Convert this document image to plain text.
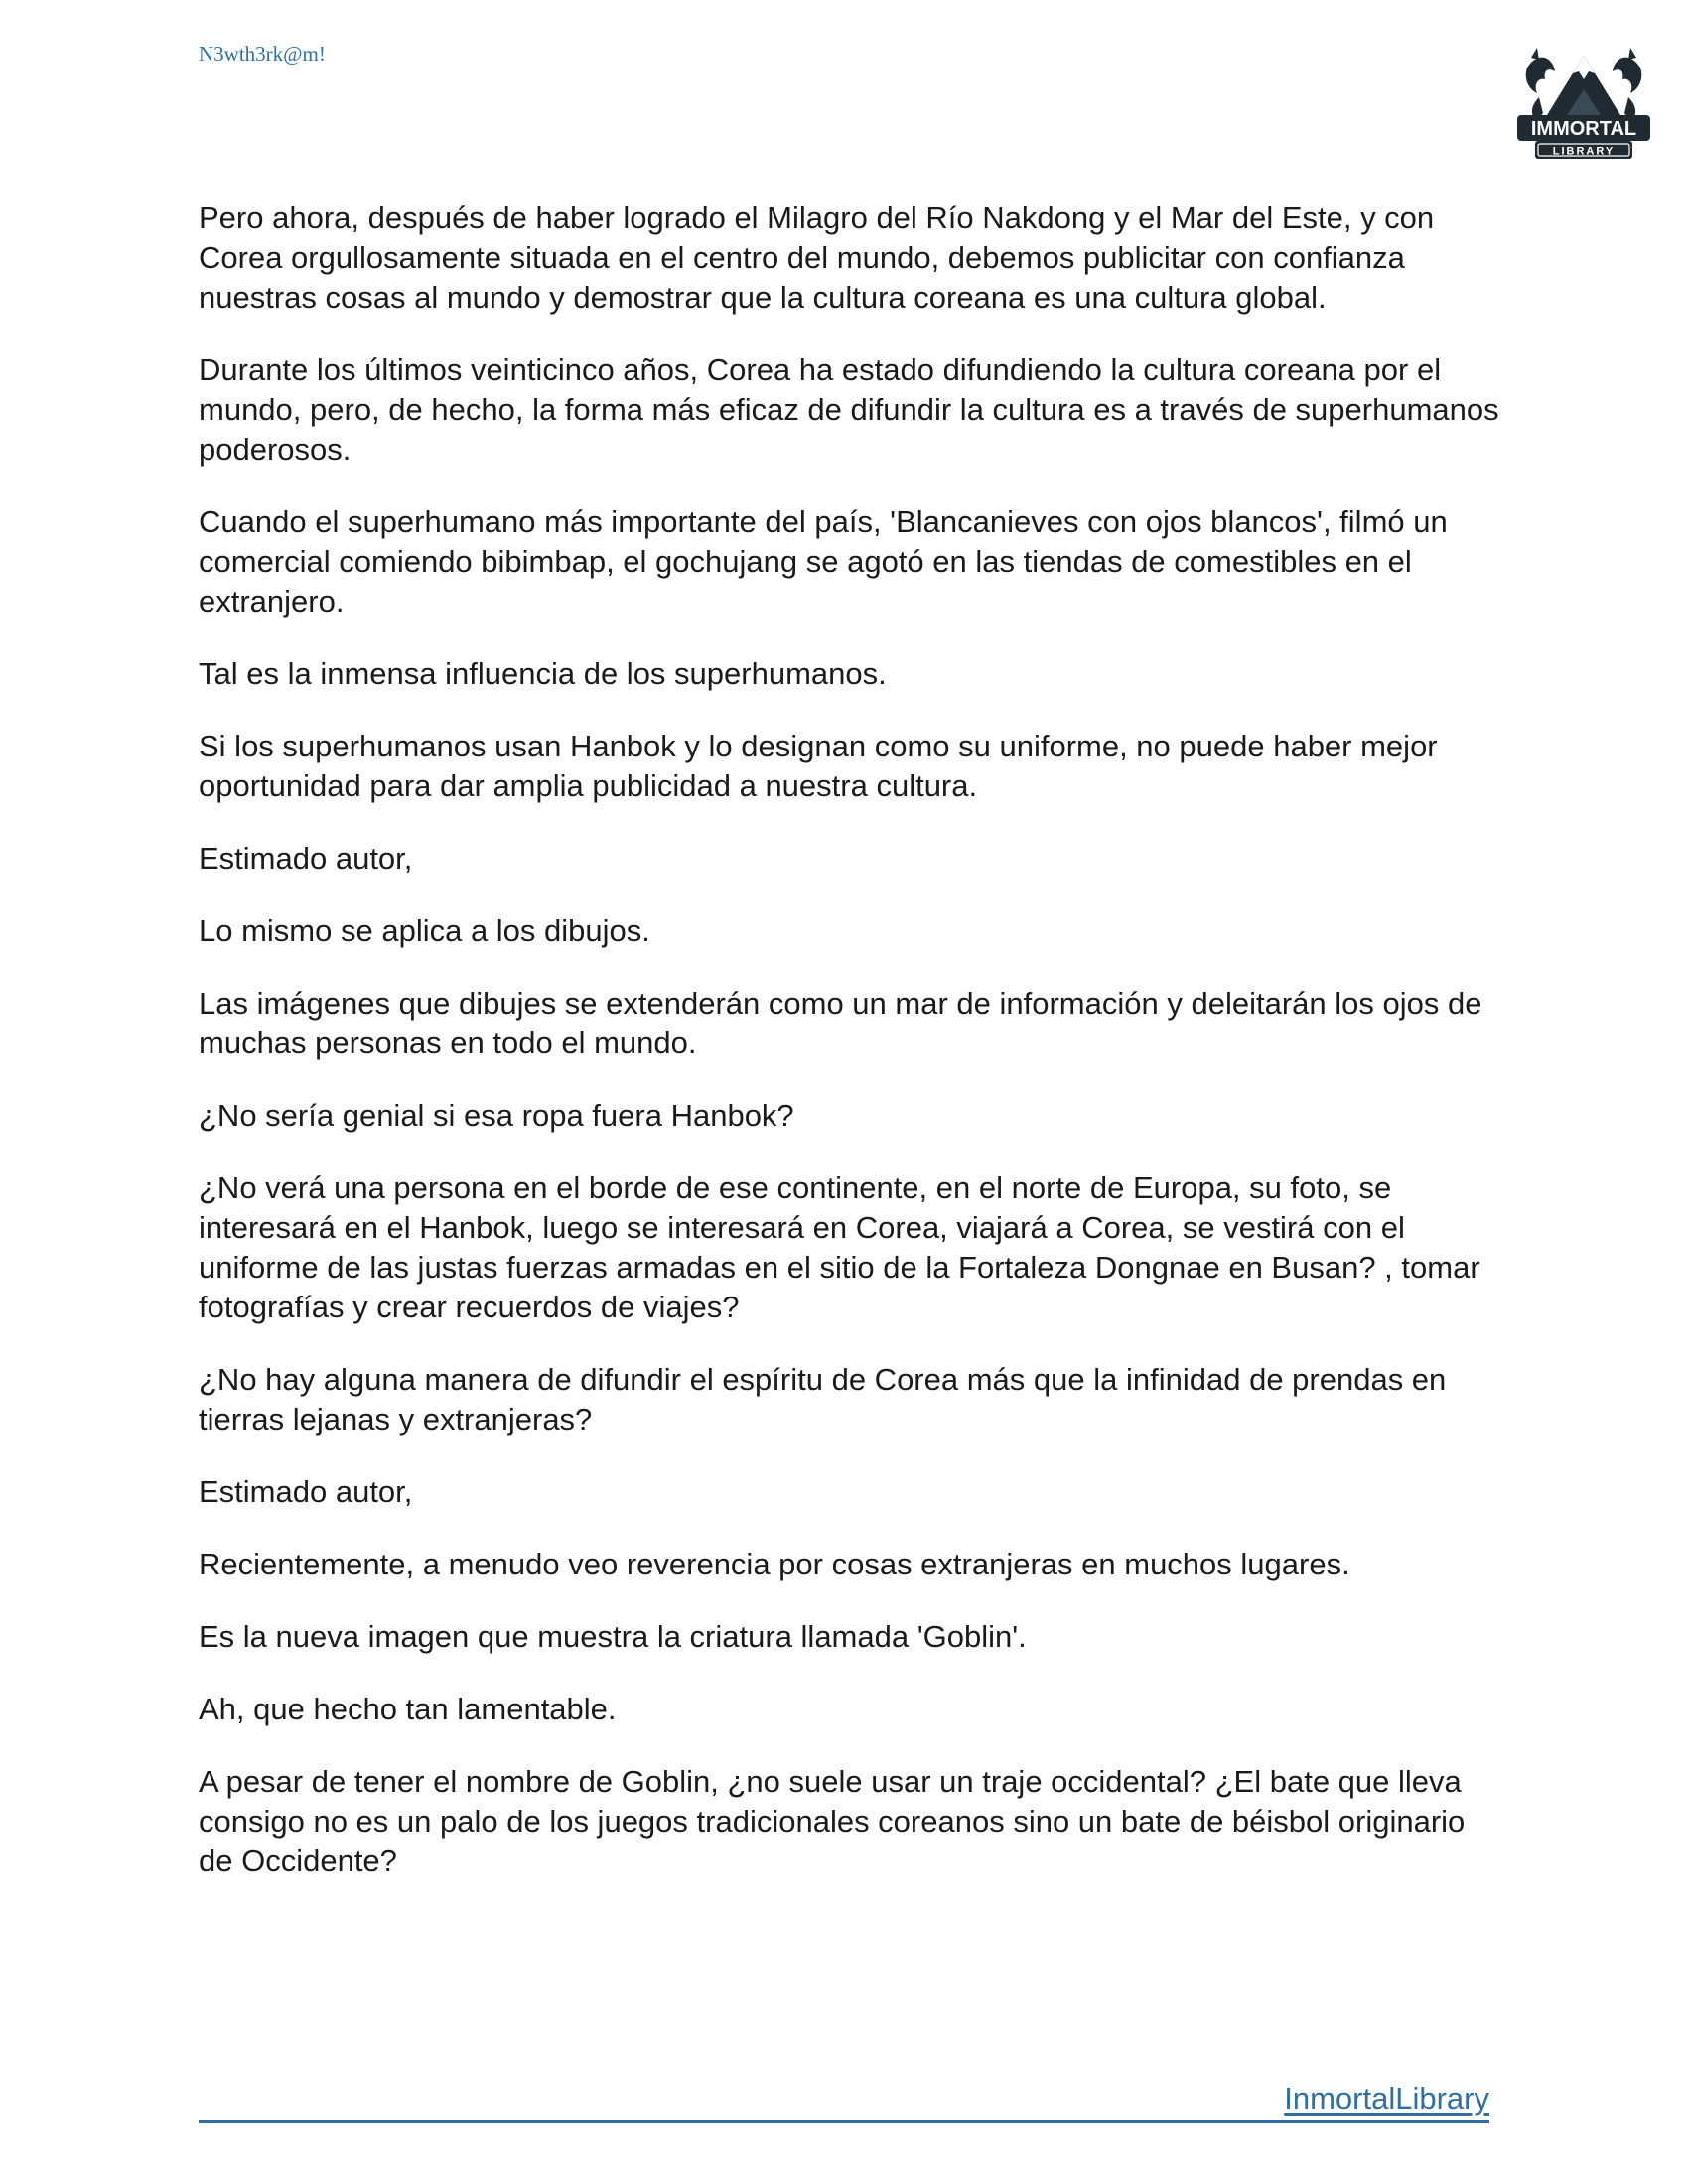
N3wth3rk@m!
IMMORTAL
LIBRARY

Pero ahora, después de haber logrado el Milagro del Río Nakdong y el Mar del Este, y con Corea orgullosamente situada en el centro del mundo, debemos publicitar con confianza nuestras cosas al mundo y demostrar que la cultura coreana es una cultura global.

Durante los últimos veinticinco años, Corea ha estado difundiendo la cultura coreana por el mundo, pero, de hecho, la forma más eficaz de difundir la cultura es a través de superhumanos poderosos.

Cuando el superhumano más importante del país, 'Blancanieves con ojos blancos', filmó un comercial comiendo bibimbap, el gochujang se agotó en las tiendas de comestibles en el extranjero.

Tal es la inmensa influencia de los superhumanos.

Si los superhumanos usan Hanbok y lo designan como su uniforme, no puede haber mejor oportunidad para dar amplia publicidad a nuestra cultura.

Estimado autor,

Lo mismo se aplica a los dibujos.

Las imágenes que dibujes se extenderán como un mar de información y deleitarán los ojos de muchas personas en todo el mundo.

¿No sería genial si esa ropa fuera Hanbok?

¿No verá una persona en el borde de ese continente, en el norte de Europa, su foto, se interesará en el Hanbok, luego se interesará en Corea, viajará a Corea, se vestirá con el uniforme de las justas fuerzas armadas en el sitio de la Fortaleza Dongnae en Busan? , tomar fotografías y crear recuerdos de viajes?

¿No hay alguna manera de difundir el espíritu de Corea más que la infinidad de prendas en tierras lejanas y extranjeras?

Estimado autor,

Recientemente, a menudo veo reverencia por cosas extranjeras en muchos lugares.

Es la nueva imagen que muestra la criatura llamada 'Goblin'.

Ah, que hecho tan lamentable.

A pesar de tener el nombre de Goblin, ¿no suele usar un traje occidental? ¿El bate que lleva consigo no es un palo de los juegos tradicionales coreanos sino un bate de béisbol originario de Occidente?

InmortalLibrary
